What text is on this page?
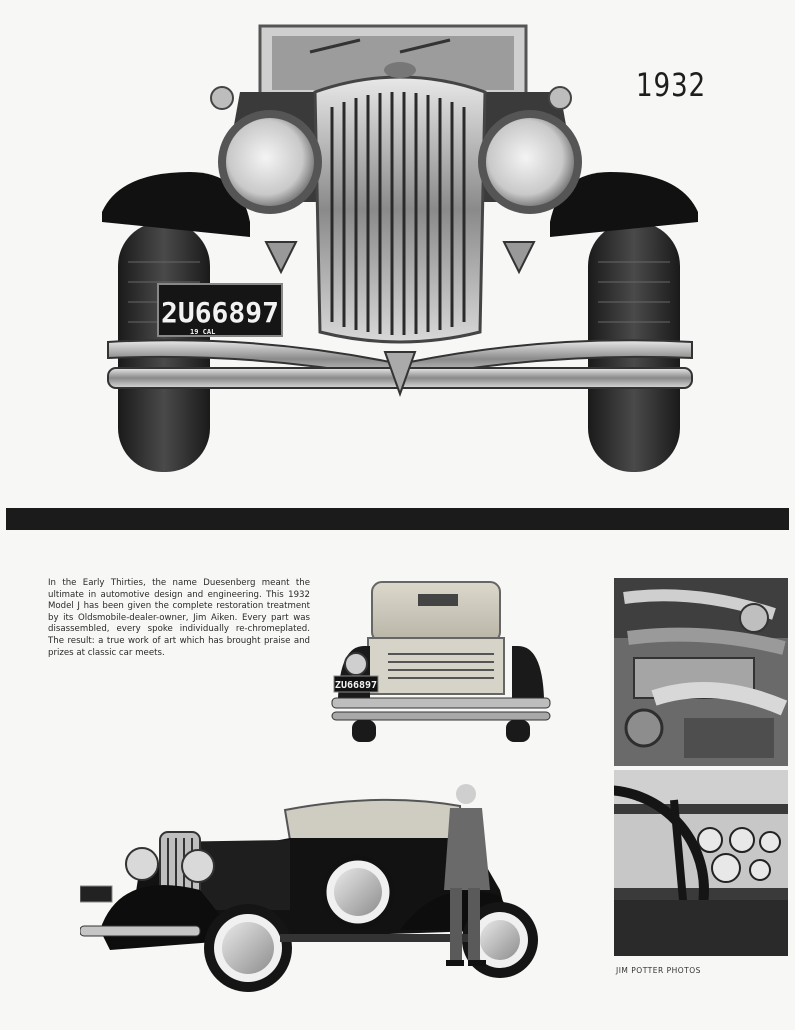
2U66897
19 CAL
1932
In the Early Thirties, the name Duesenberg meant the ultimate in automotive design and engineering. This 1932 Model J has been given the complete restoration treatment by its Oldsmobile-dealer-owner, Jim Aiken. Every part was disassembled, every spoke individually re-chromeplated. The result: a true work of art which has brought praise and prizes at classic car meets.
ZU66897
JIM POTTER PHOTOS
